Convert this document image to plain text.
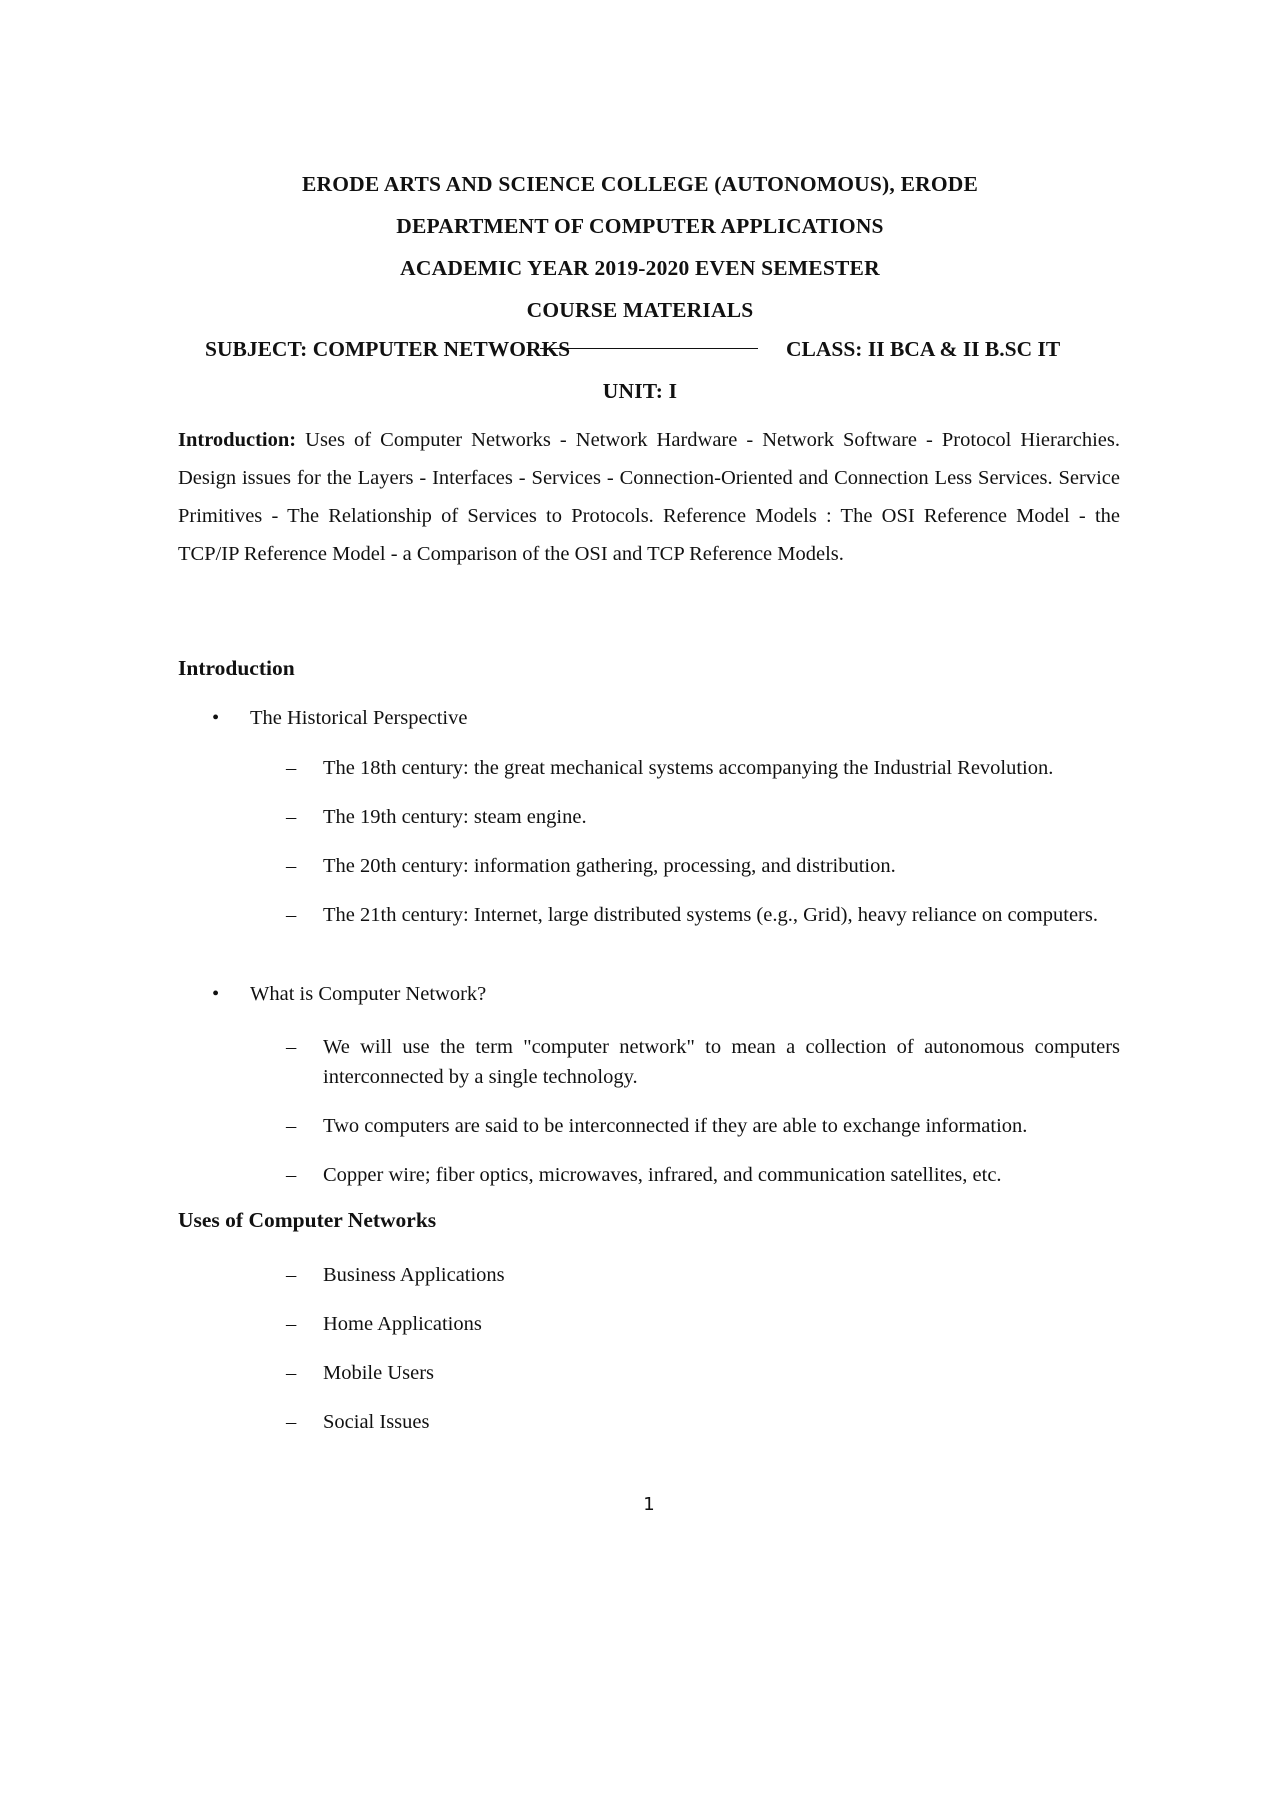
ERODE ARTS AND SCIENCE COLLEGE (AUTONOMOUS), ERODE
DEPARTMENT OF COMPUTER APPLICATIONS
ACADEMIC YEAR 2019-2020 EVEN SEMESTER
COURSE MATERIALS
SUBJECT: COMPUTER NETWORKS	CLASS: II BCA & II B.SC IT
UNIT: I
Introduction: Uses of Computer Networks - Network Hardware - Network Software - Protocol Hierarchies. Design issues for the Layers - Interfaces - Services - Connection-Oriented and Connection Less Services. Service Primitives - The Relationship of Services to Protocols. Reference Models : The OSI Reference Model - the TCP/IP Reference Model - a Comparison of the OSI and TCP Reference Models.
Introduction
• The Historical Perspective
– The 18th century: the great mechanical systems accompanying the Industrial Revolution.
– The 19th century: steam engine.
– The 20th century: information gathering, processing, and distribution.
– The 21th century: Internet, large distributed systems (e.g., Grid), heavy reliance on computers.
• What is Computer Network?
– We will use the term "computer network" to mean a collection of autonomous computers interconnected by a single technology.
– Two computers are said to be interconnected if they are able to exchange information.
– Copper wire; fiber optics, microwaves, infrared, and communication satellites, etc.
Uses of Computer Networks
– Business Applications
– Home Applications
– Mobile Users
– Social Issues
1
